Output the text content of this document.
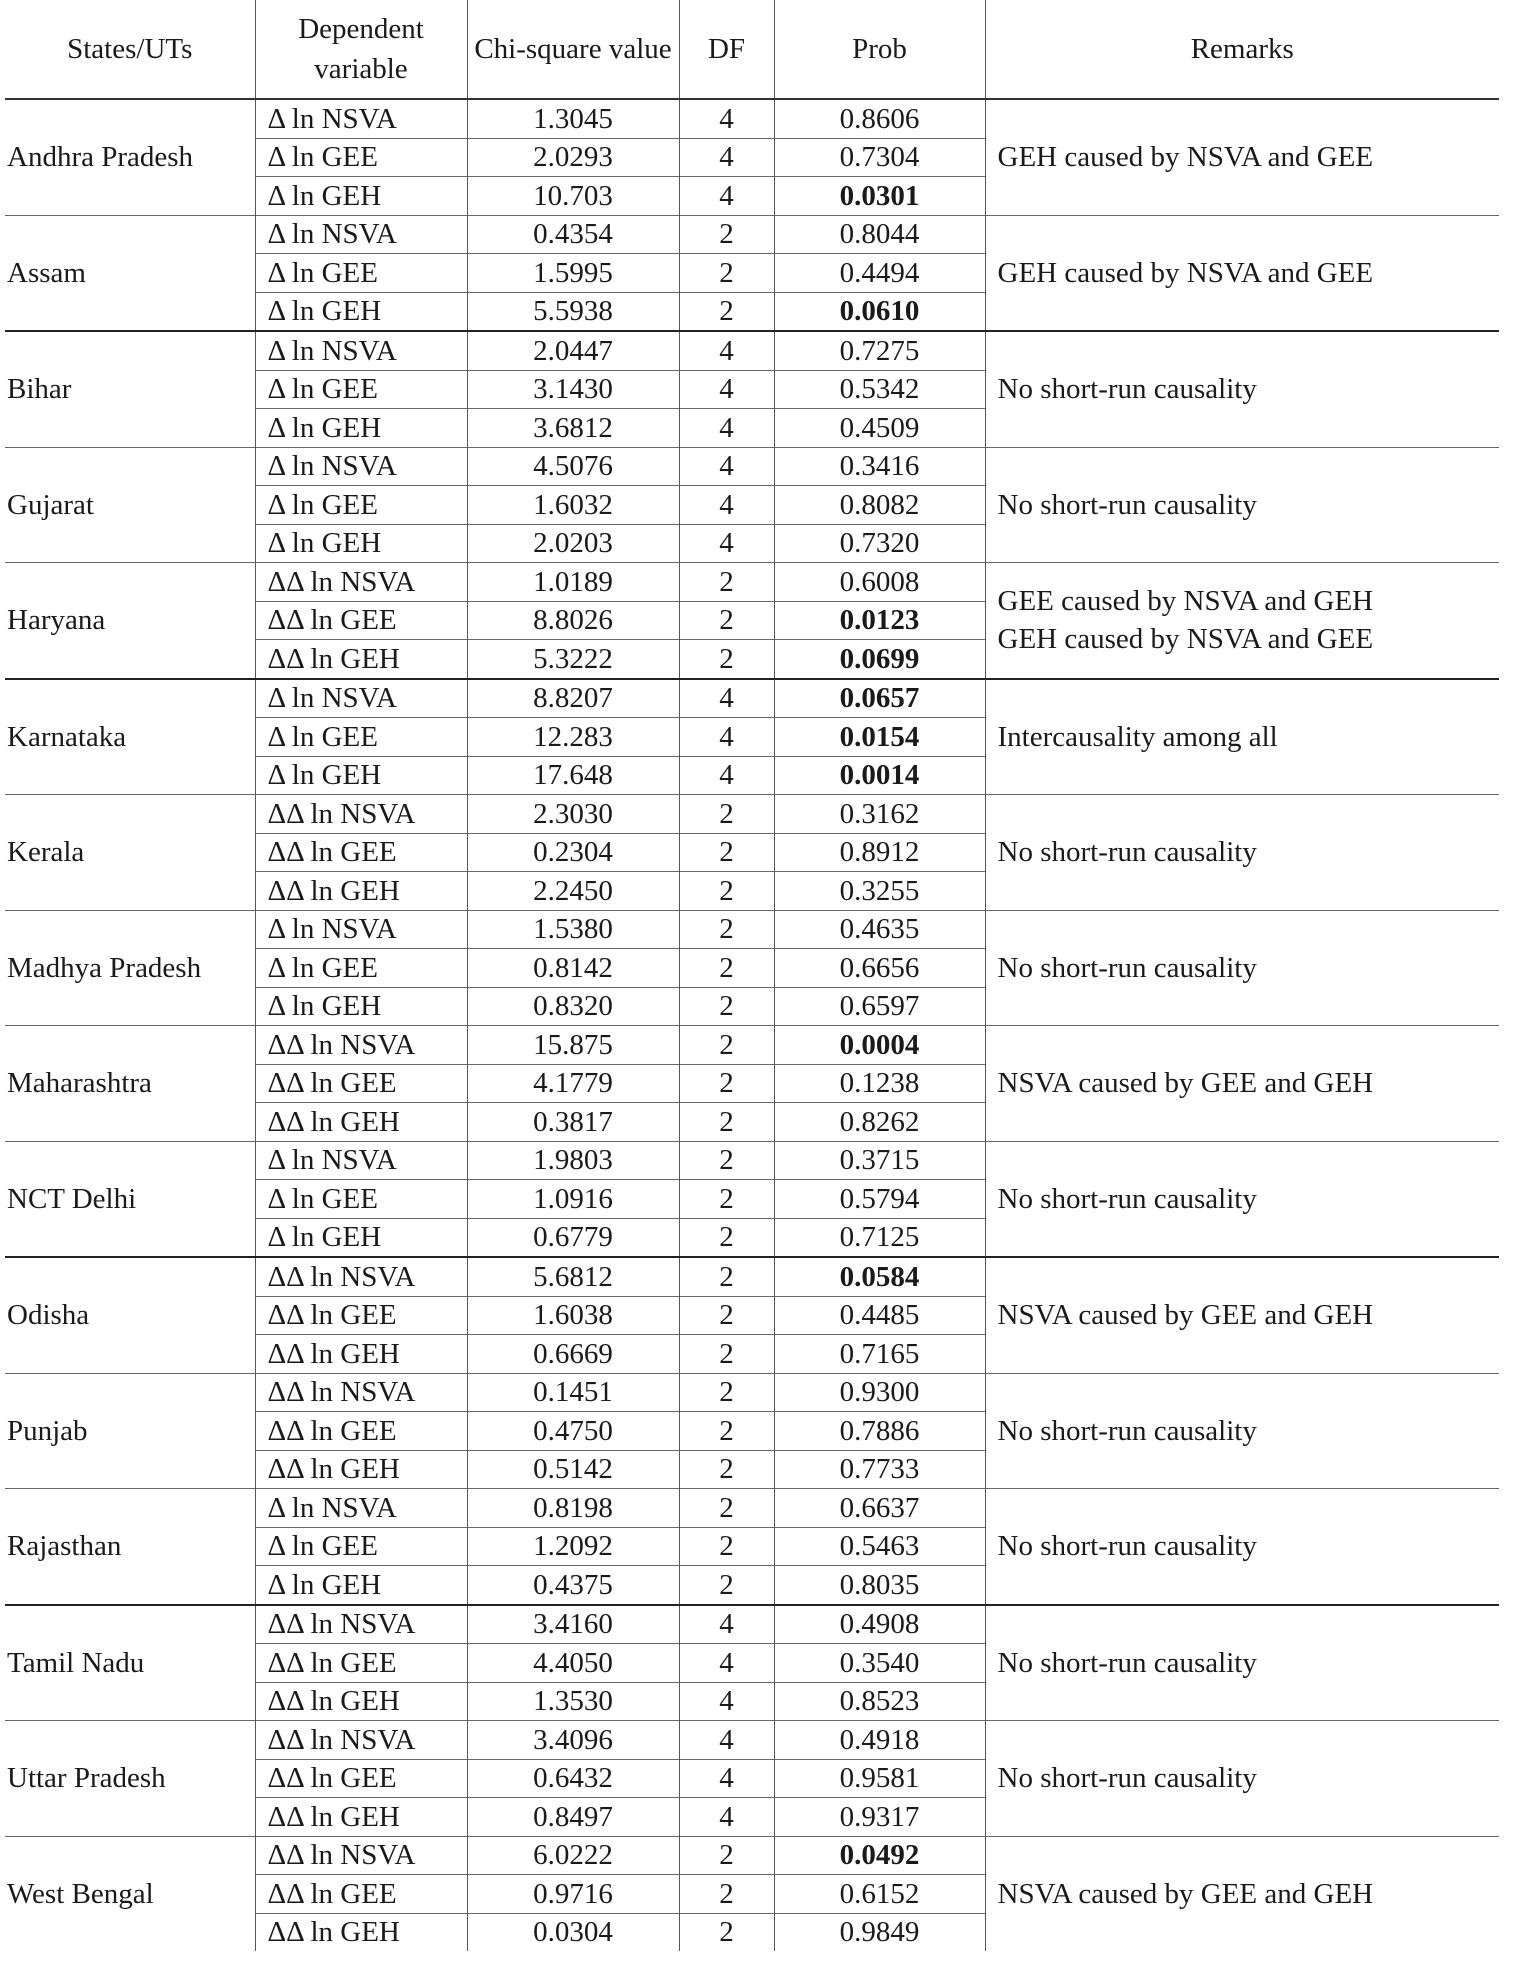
States/UTs	Dependent variable	Chi-square value	DF	Prob	Remarks
Andhra Pradesh	Δ ln NSVA	1.3045	4	0.8606	GEH caused by NSVA and GEE

	Δ ln GEE	2.0293	4	0.7304	
	Δ ln GEH	10.703	4	0.0301	
Assam	Δ ln NSVA	0.4354	2	0.8044	GEH caused by NSVA and GEE

	Δ ln GEE	1.5995	2	0.4494	
	Δ ln GEH	5.5938	2	0.0610	
Bihar	Δ ln NSVA	2.0447	4	0.7275	No short-run causality

	Δ ln GEE	3.1430	4	0.5342	
	Δ ln GEH	3.6812	4	0.4509	
Gujarat	Δ ln NSVA	4.5076	4	0.3416	No short-run causality

	Δ ln GEE	1.6032	4	0.8082	
	Δ ln GEH	2.0203	4	0.7320	
Haryana	ΔΔ ln NSVA	1.0189	2	0.6008	GEE caused by NSVA and GEH
GEH caused by NSVA and GEE

	ΔΔ ln GEE	8.8026	2	0.0123	
	ΔΔ ln GEH	5.3222	2	0.0699	
Karnataka	Δ ln NSVA	8.8207	4	0.0657	Intercausality among all

	Δ ln GEE	12.283	4	0.0154	
	Δ ln GEH	17.648	4	0.0014	
Kerala	ΔΔ ln NSVA	2.3030	2	0.3162	No short-run causality

	ΔΔ ln GEE	0.2304	2	0.8912	
	ΔΔ ln GEH	2.2450	2	0.3255	
Madhya Pradesh	Δ ln NSVA	1.5380	2	0.4635	No short-run causality

	Δ ln GEE	0.8142	2	0.6656	
	Δ ln GEH	0.8320	2	0.6597	
Maharashtra	ΔΔ ln NSVA	15.875	2	0.0004	NSVA caused by GEE and GEH

	ΔΔ ln GEE	4.1779	2	0.1238	
	ΔΔ ln GEH	0.3817	2	0.8262	
NCT Delhi	Δ ln NSVA	1.9803	2	0.3715	No short-run causality

	Δ ln GEE	1.0916	2	0.5794	
	Δ ln GEH	0.6779	2	0.7125	
Odisha	ΔΔ ln NSVA	5.6812	2	0.0584	NSVA caused by GEE and GEH

	ΔΔ ln GEE	1.6038	2	0.4485	
	ΔΔ ln GEH	0.6669	2	0.7165	
Punjab	ΔΔ ln NSVA	0.1451	2	0.9300	No short-run causality

	ΔΔ ln GEE	0.4750	2	0.7886	
	ΔΔ ln GEH	0.5142	2	0.7733	
Rajasthan	Δ ln NSVA	0.8198	2	0.6637	No short-run causality

	Δ ln GEE	1.2092	2	0.5463	
	Δ ln GEH	0.4375	2	0.8035	
Tamil Nadu	ΔΔ ln NSVA	3.4160	4	0.4908	No short-run causality

	ΔΔ ln GEE	4.4050	4	0.3540	
	ΔΔ ln GEH	1.3530	4	0.8523	
Uttar Pradesh	ΔΔ ln NSVA	3.4096	4	0.4918	No short-run causality

	ΔΔ ln GEE	0.6432	4	0.9581	
	ΔΔ ln GEH	0.8497	4	0.9317	
West Bengal	ΔΔ ln NSVA	6.0222	2	0.0492	NSVA caused by GEE and GEH

	ΔΔ ln GEE	0.9716	2	0.6152	
	ΔΔ ln GEH	0.0304	2	0.9849	
